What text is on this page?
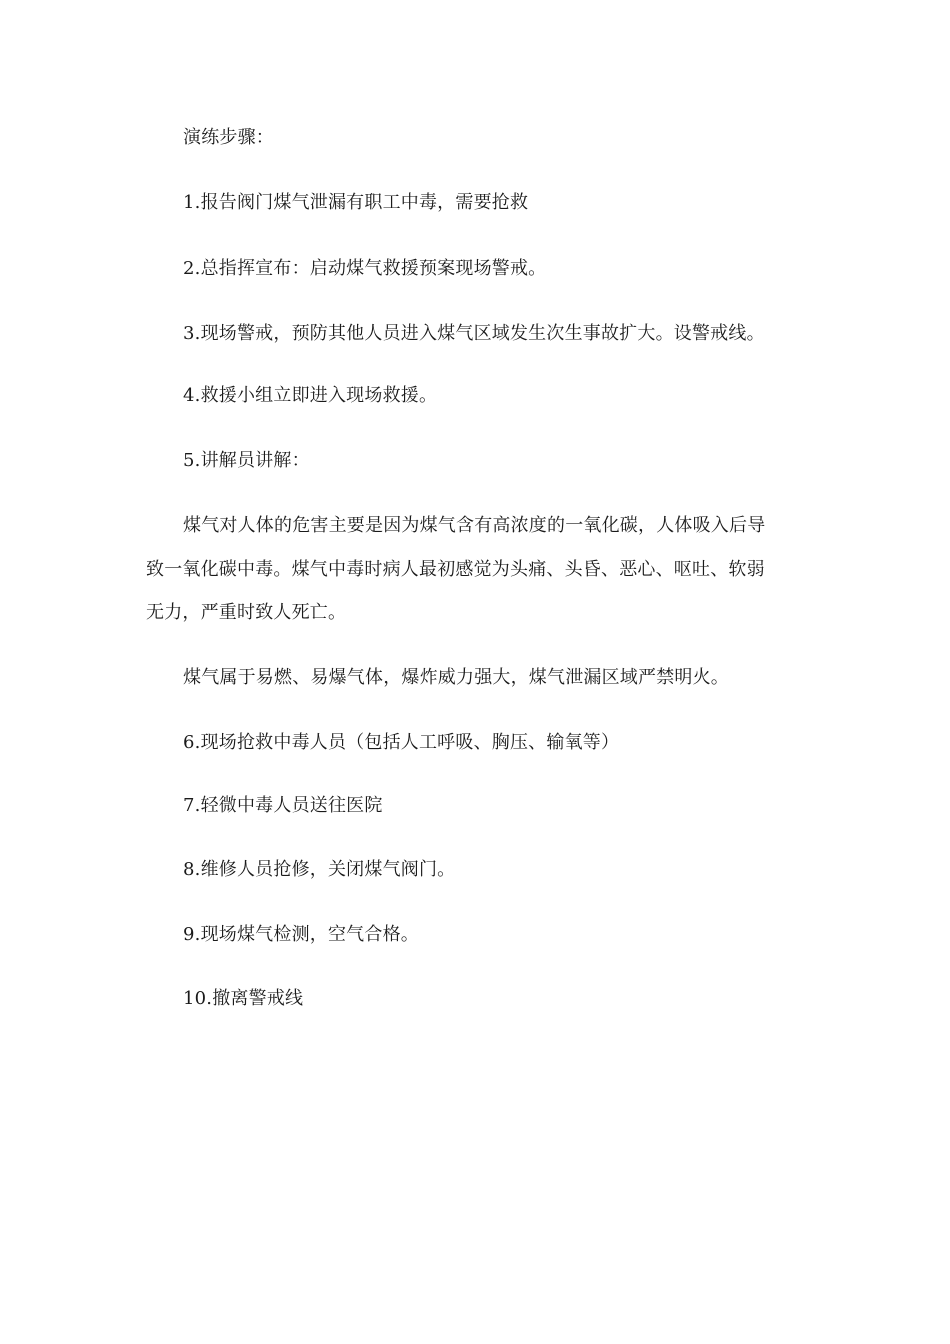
演练步骤：
1.报告阀门煤气泄漏有职工中毒，需要抢救
2.总指挥宣布：启动煤气救援预案现场警戒。
3.现场警戒，预防其他人员进入煤气区域发生次生事故扩大。设警戒线。
4.救援小组立即进入现场救援。
5.讲解员讲解：
煤气对人体的危害主要是因为煤气含有高浓度的一氧化碳，人体吸入后导
致一氧化碳中毒。煤气中毒时病人最初感觉为头痛、头昏、恶心、呕吐、软弱
无力，严重时致人死亡。
煤气属于易燃、易爆气体，爆炸威力强大，煤气泄漏区域严禁明火。
6.现场抢救中毒人员（包括人工呼吸、胸压、输氧等）
7.轻微中毒人员送往医院
8.维修人员抢修，关闭煤气阀门。
9.现场煤气检测，空气合格。
10.撤离警戒线
